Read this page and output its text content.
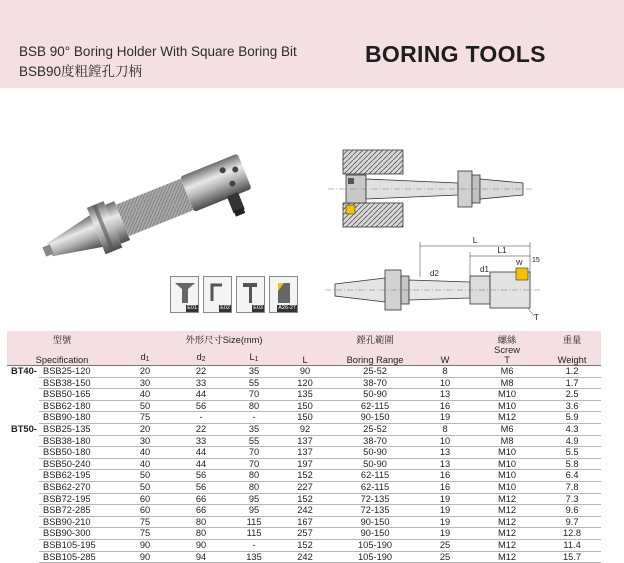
BSB 90° Boring Holder With Square Boring Bit
BSB90度粗鏜孔刀柄
BORING TOOLS
L
L1
d2	d1
W 15
T
E01	E02	E03	A26-27
型號		外形尺寸Size(mm)				鏜孔範圍		螺絲	重量
Specification		d1	d2	L1	L	Boring Range	W	Screw
T	Weight
BT40-	BSB25-120	20	22	35	90	25-52	8	M6	1.2
	BSB38-150	30	33	55	120	38-70	10	M8	1.7
	BSB50-165	40	44	70	135	50-90	13	M10	2.5
	BSB62-180	50	56	80	150	62-115	16	M10	3.6
	BSB90-180	75	-	-	150	90-150	19	M12	5.9
BT50-	BSB25-135	20	22	35	92	25-52	8	M6	4.3
	BSB38-180	30	33	55	137	38-70	10	M8	4.9
	BSB50-180	40	44	70	137	50-90	13	M10	5.5
	BSB50-240	40	44	70	197	50-90	13	M10	5.8
	BSB62-195	50	56	80	152	62-115	16	M10	6.4
	BSB62-270	50	56	80	227	62-115	16	M10	7.8
	BSB72-195	60	66	95	152	72-135	19	M12	7.3
	BSB72-285	60	66	95	242	72-135	19	M12	9.6
	BSB90-210	75	80	115	167	90-150	19	M12	9.7
	BSB90-300	75	80	115	257	90-150	19	M12	12.8
	BSB105-195	90	90	-	152	105-190	25	M12	11.4
	BSB105-285	90	94	135	242	105-190	25	M12	15.7
